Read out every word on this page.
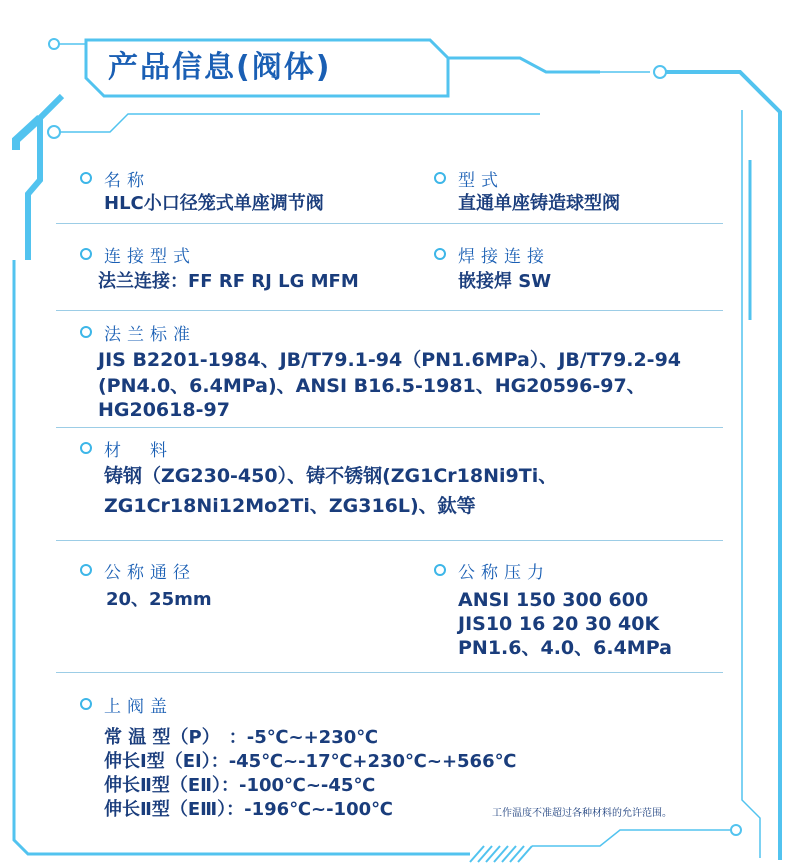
产品信息(阀体)
名称
HLC小口径笼式单座调节阀
型式
直通单座铸造球型阀
连接型式
法兰连接：FF RF RJ LG MFM
焊接连接
嵌接焊 SW
法兰标准
JIS B2201-1984、JB/T79.1-94（PN1.6MPa）、JB/T79.2-94
(PN4.0、6.4MPa)、ANSI B16.5-1981、HG20596-97、
HG20618-97
材　料
铸钢（ZG230-450）、铸不锈钢(ZG1Cr18Ni9Ti、
ZG1Cr18Ni12Mo2Ti、ZG316L)、鈦等
公称通径
20、25mm
公称压力
ANSI 150 300 600
JIS10 16 20 30 40K
PN1.6、4.0、6.4MPa
上阀盖
常 温 型（P）　：-5℃~+230℃
伸长Ⅰ型（EⅠ）：-45℃~-17℃+230℃~+566℃
伸长Ⅱ型（EⅡ）：-100℃~-45℃
伸长Ⅱ型（EⅢ）：-196℃~-100℃	工作温度不准超过各种材料的允许范围。
